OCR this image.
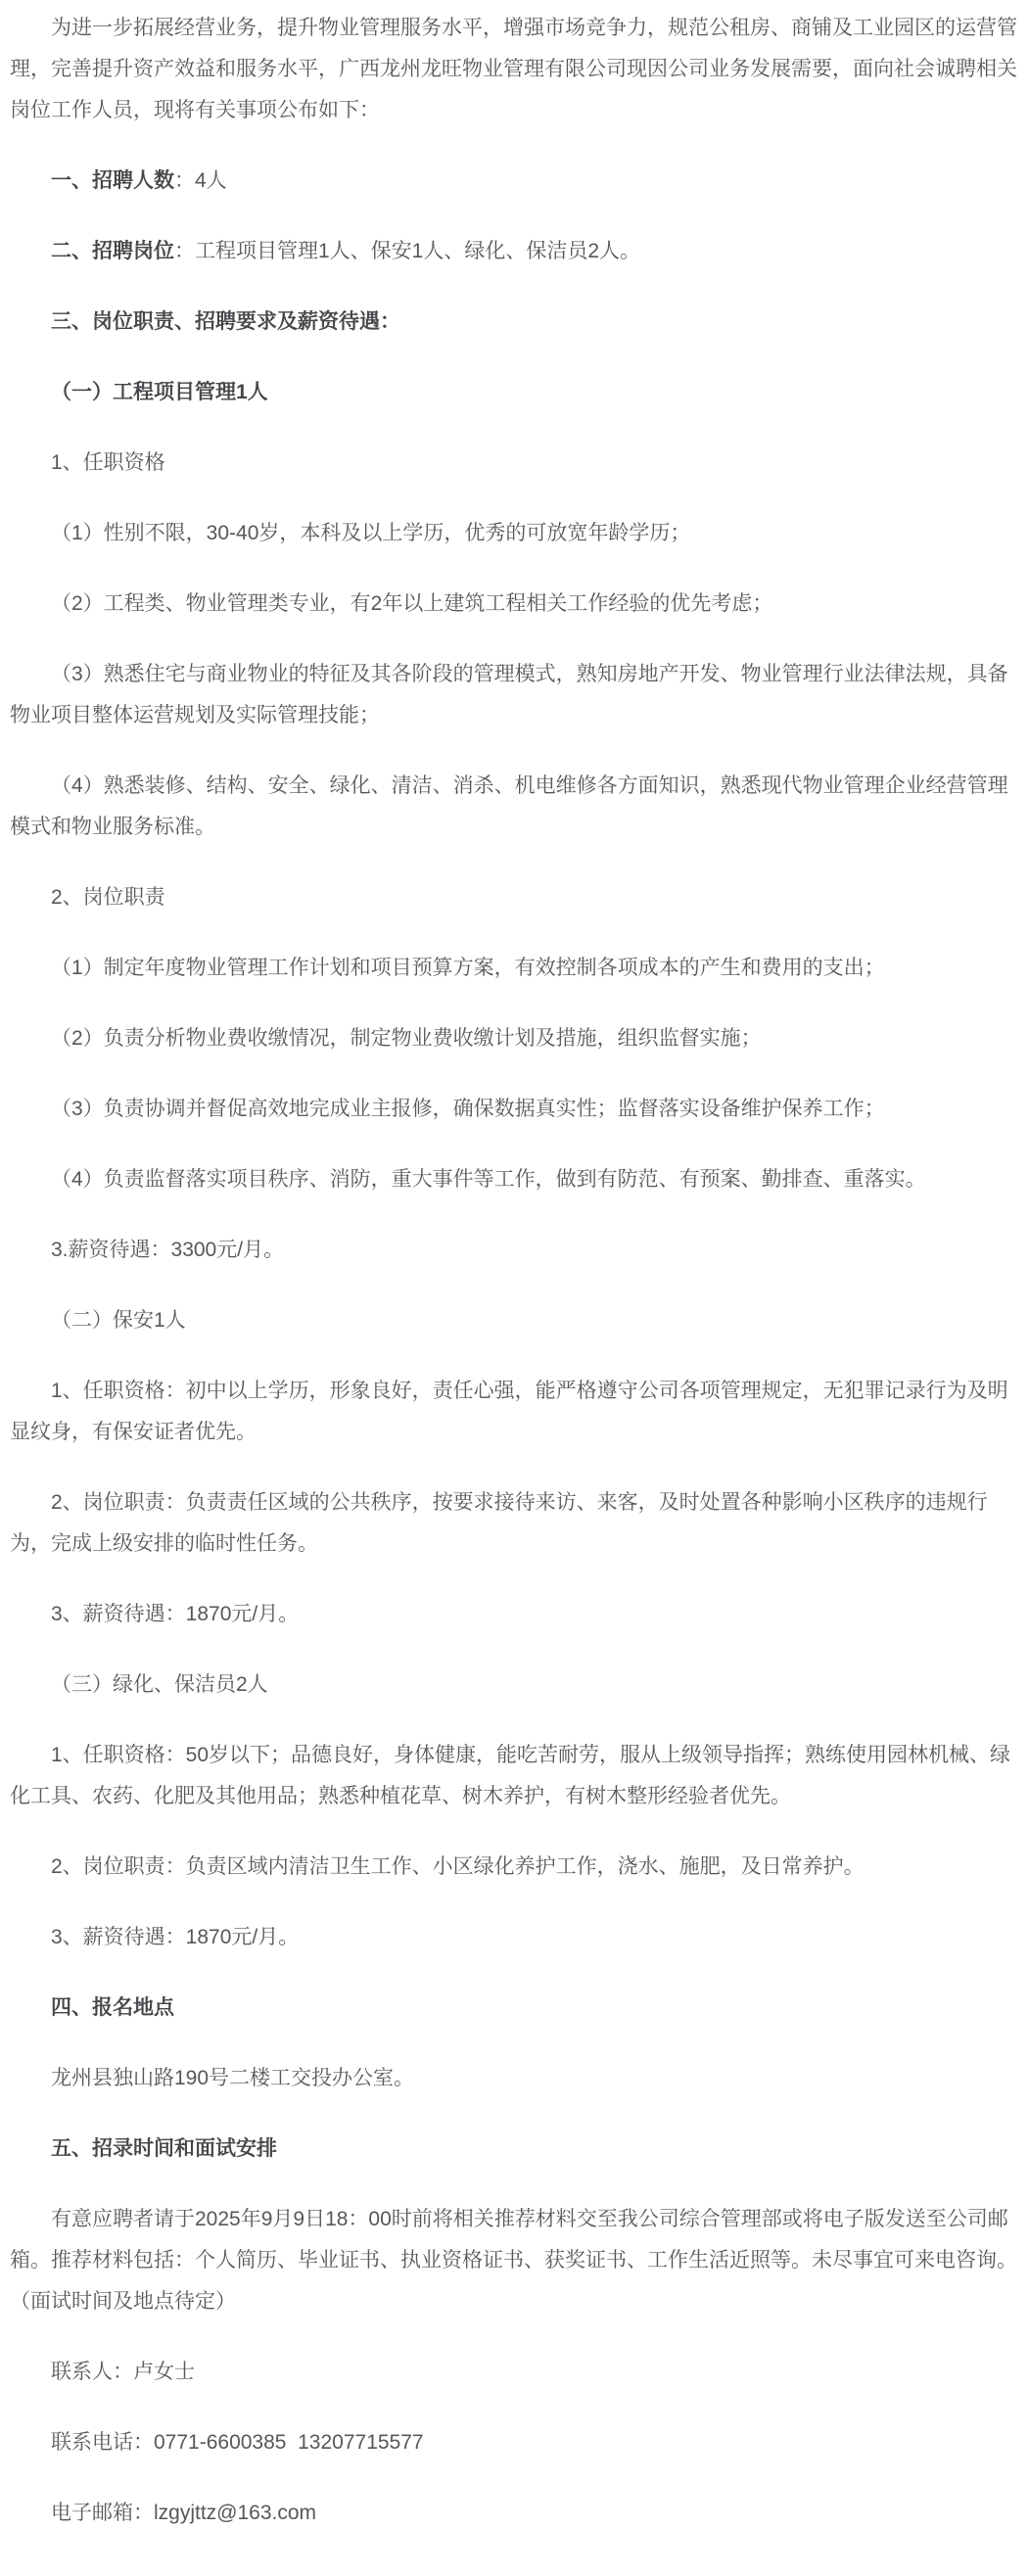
为进一步拓展经营业务，提升物业管理服务水平，增强市场竞争力，规范公租房、商铺及工业园区的运营管理，完善提升资产效益和服务水平，广西龙州龙旺物业管理有限公司现因公司业务发展需要，面向社会诚聘相关岗位工作人员，现将有关事项公布如下：

一、招聘人数：4人

二、招聘岗位：工程项目管理1人、保安1人、绿化、保洁员2人。

三、岗位职责、招聘要求及薪资待遇：

（一）工程项目管理1人

1、任职资格

（1）性别不限，30-40岁，本科及以上学历，优秀的可放宽年龄学历；

（2）工程类、物业管理类专业，有2年以上建筑工程相关工作经验的优先考虑；

（3）熟悉住宅与商业物业的特征及其各阶段的管理模式，熟知房地产开发、物业管理行业法律法规，具备物业项目整体运营规划及实际管理技能；

（4）熟悉装修、结构、安全、绿化、清洁、消杀、机电维修各方面知识，熟悉现代物业管理企业经营管理模式和物业服务标准。

2、岗位职责

（1）制定年度物业管理工作计划和项目预算方案，有效控制各项成本的产生和费用的支出；

（2）负责分析物业费收缴情况，制定物业费收缴计划及措施，组织监督实施；

（3）负责协调并督促高效地完成业主报修，确保数据真实性；监督落实设备维护保养工作；

（4）负责监督落实项目秩序、消防，重大事件等工作，做到有防范、有预案、勤排查、重落实。

3.薪资待遇：3300元/月。

（二）保安1人

1、任职资格：初中以上学历，形象良好，责任心强，能严格遵守公司各项管理规定，无犯罪记录行为及明显纹身，有保安证者优先。

2、岗位职责：负责责任区域的公共秩序，按要求接待来访、来客，及时处置各种影响小区秩序的违规行为，完成上级安排的临时性任务。

3、薪资待遇：1870元/月。

（三）绿化、保洁员2人

1、任职资格：50岁以下；品德良好，身体健康，能吃苦耐劳，服从上级领导指挥；熟练使用园林机械、绿化工具、农药、化肥及其他用品；熟悉种植花草、树木养护，有树木整形经验者优先。

2、岗位职责：负责区域内清洁卫生工作、小区绿化养护工作，浇水、施肥，及日常养护。

3、薪资待遇：1870元/月。

四、报名地点

龙州县独山路190号二楼工交投办公室。

五、招录时间和面试安排

有意应聘者请于2025年9月9日18：00时前将相关推荐材料交至我公司综合管理部或将电子版发送至公司邮箱。推荐材料包括：个人简历、毕业证书、执业资格证书、获奖证书、工作生活近照等。未尽事宜可来电咨询。（面试时间及地点待定）

联系人：卢女士

联系电话：0771-6600385  13207715577

电子邮箱：lzgyjttz@163.com
